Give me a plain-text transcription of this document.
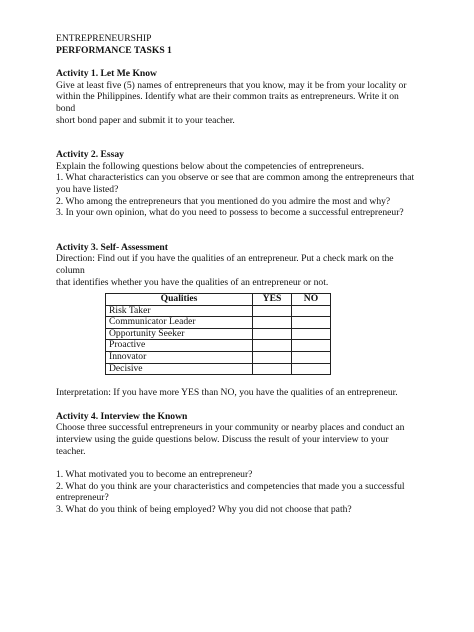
ENTREPRENEURSHIP

PERFORMANCE TASKS 1

Activity 1. Let Me Know

Give at least five (5) names of entrepreneurs that you know, may it be from your locality or

within the Philippines. Identify what are their common traits as entrepreneurs. Write it on bond

short bond paper and submit it to your teacher.

Activity 2. Essay

Explain the following questions below about the competencies of entrepreneurs.

1. What characteristics can you observe or see that are common among the entrepreneurs that

you have listed?

2. Who among the entrepreneurs that you mentioned do you admire the most and why?

3. In your own opinion, what do you need to possess to become a successful entrepreneur?

Activity 3. Self- Assessment

Direction: Find out if you have the qualities of an entrepreneur. Put a check mark on the column

that identifies whether you have the qualities of an entrepreneur or not.

Qualities	YES	NO
Risk Taker		
Communicator Leader		
Opportunity Seeker		
Proactive		
Innovator		
Decisive		

Interpretation: If you have more YES than NO, you have the qualities of an entrepreneur.

Activity 4. Interview the Known

Choose three successful entrepreneurs in your community or nearby places and conduct an

interview using the guide questions below. Discuss the result of your interview to your teacher.

1. What motivated you to become an entrepreneur?

2. What do you think are your characteristics and competencies that made you a successful

entrepreneur?

3. What do you think of being employed? Why you did not choose that path?
